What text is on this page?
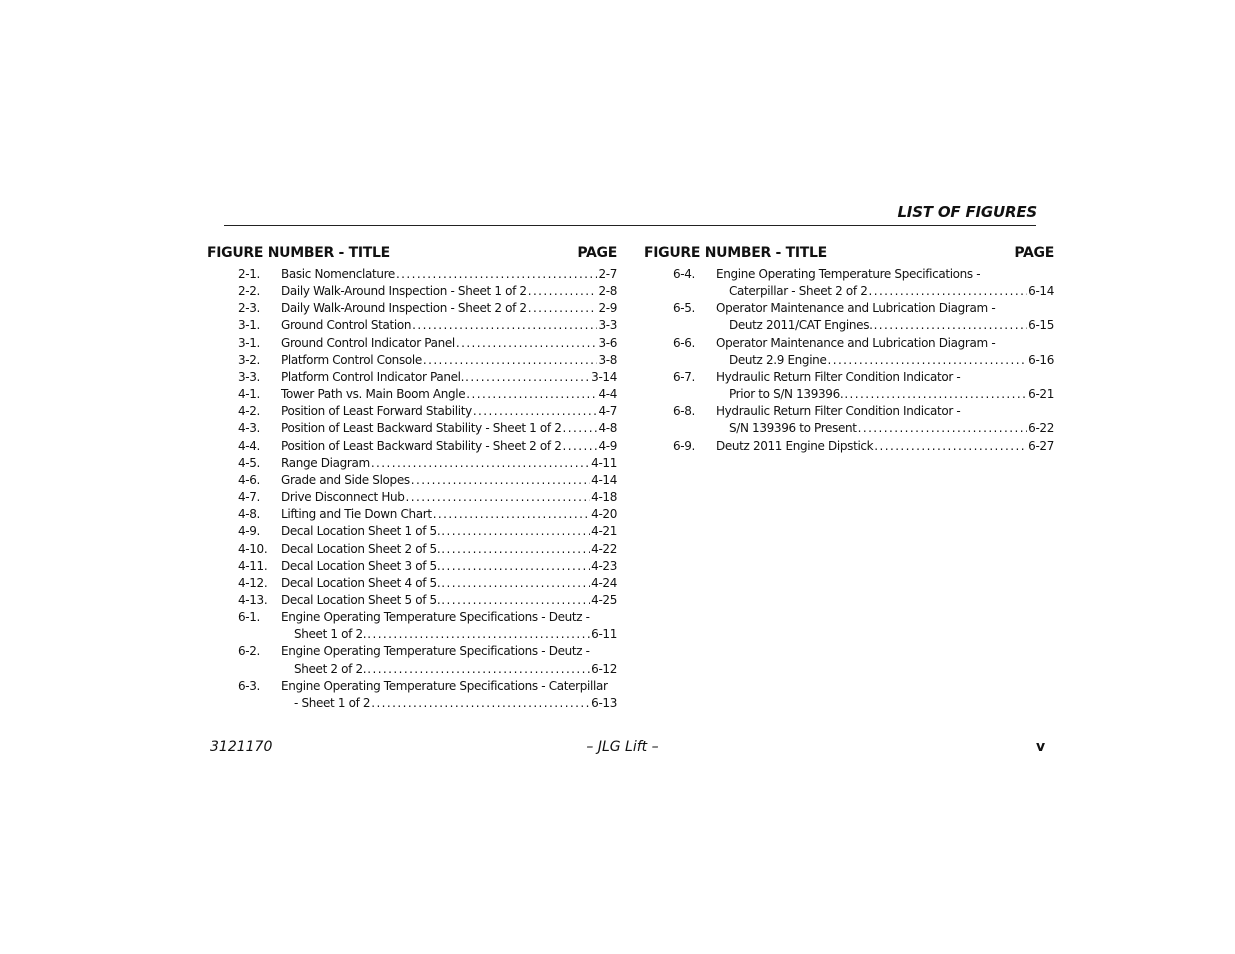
LIST OF FIGURES
FIGURE NUMBER - TITLE	PAGE
2-1. Basic Nomenclature . . .	2-7
2-2. Daily Walk-Around Inspection - Sheet 1 of 2 . . .	2-8
2-3. Daily Walk-Around Inspection - Sheet 2 of 2 . . .	2-9
3-1. Ground Control Station . . .	3-3
3-1. Ground Control Indicator Panel . . .	3-6
3-2. Platform Control Console . . .	3-8
3-3. Platform Control Indicator Panel. . . .	3-14
4-1. Tower Path vs. Main Boom Angle . . .	4-4
4-2. Position of Least Forward Stability . . .	4-7
4-3. Position of Least Backward Stability - Sheet 1 of 2 . . .	4-8
4-4. Position of Least Backward Stability - Sheet 2 of 2 . . .	4-9
4-5. Range Diagram . . .	4-11
4-6. Grade and Side Slopes . . .	4-14
4-7. Drive Disconnect Hub . . .	4-18
4-8. Lifting and Tie Down Chart . . .	4-20
4-9. Decal Location Sheet 1 of 5. . . .	4-21
4-10. Decal Location Sheet 2 of 5. . . .	4-22
4-11. Decal Location Sheet 3 of 5. . . .	4-23
4-12. Decal Location Sheet 4 of 5. . . .	4-24
4-13. Decal Location Sheet 5 of 5. . . .	4-25
6-1. Engine Operating Temperature Specifications - Deutz -
Sheet 1 of 2. . . .	6-11
6-2. Engine Operating Temperature Specifications - Deutz -
Sheet 2 of 2. . . .	6-12
6-3. Engine Operating Temperature Specifications - Caterpillar
- Sheet 1 of 2 . . .	6-13
FIGURE NUMBER - TITLE	PAGE
6-4. Engine Operating Temperature Specifications -
Caterpillar - Sheet 2 of 2 . . .	6-14
6-5. Operator Maintenance and Lubrication Diagram -
Deutz 2011/CAT Engines. . . .	6-15
6-6. Operator Maintenance and Lubrication Diagram -
Deutz 2.9 Engine . . .	6-16
6-7. Hydraulic Return Filter Condition Indicator -
Prior to S/N 139396. . . .	6-21
6-8. Hydraulic Return Filter Condition Indicator -
S/N 139396 to Present . . .	6-22
6-9. Deutz 2011 Engine Dipstick . . .	6-27
3121170	– JLG Lift –	v
